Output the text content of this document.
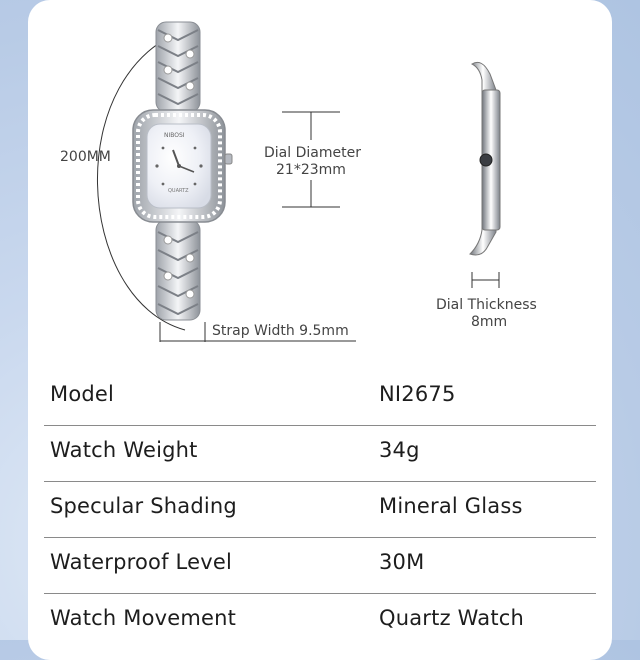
NIBOSI
QUARTZ
200MM	Dial Diameter
21*23mm
Strap Width 9.5mm
Dial Thickness
8mm
Model	NI2675
Watch Weight	34g
Specular Shading	Mineral Glass
Waterproof Level	30M
Watch Movement	Quartz Watch
